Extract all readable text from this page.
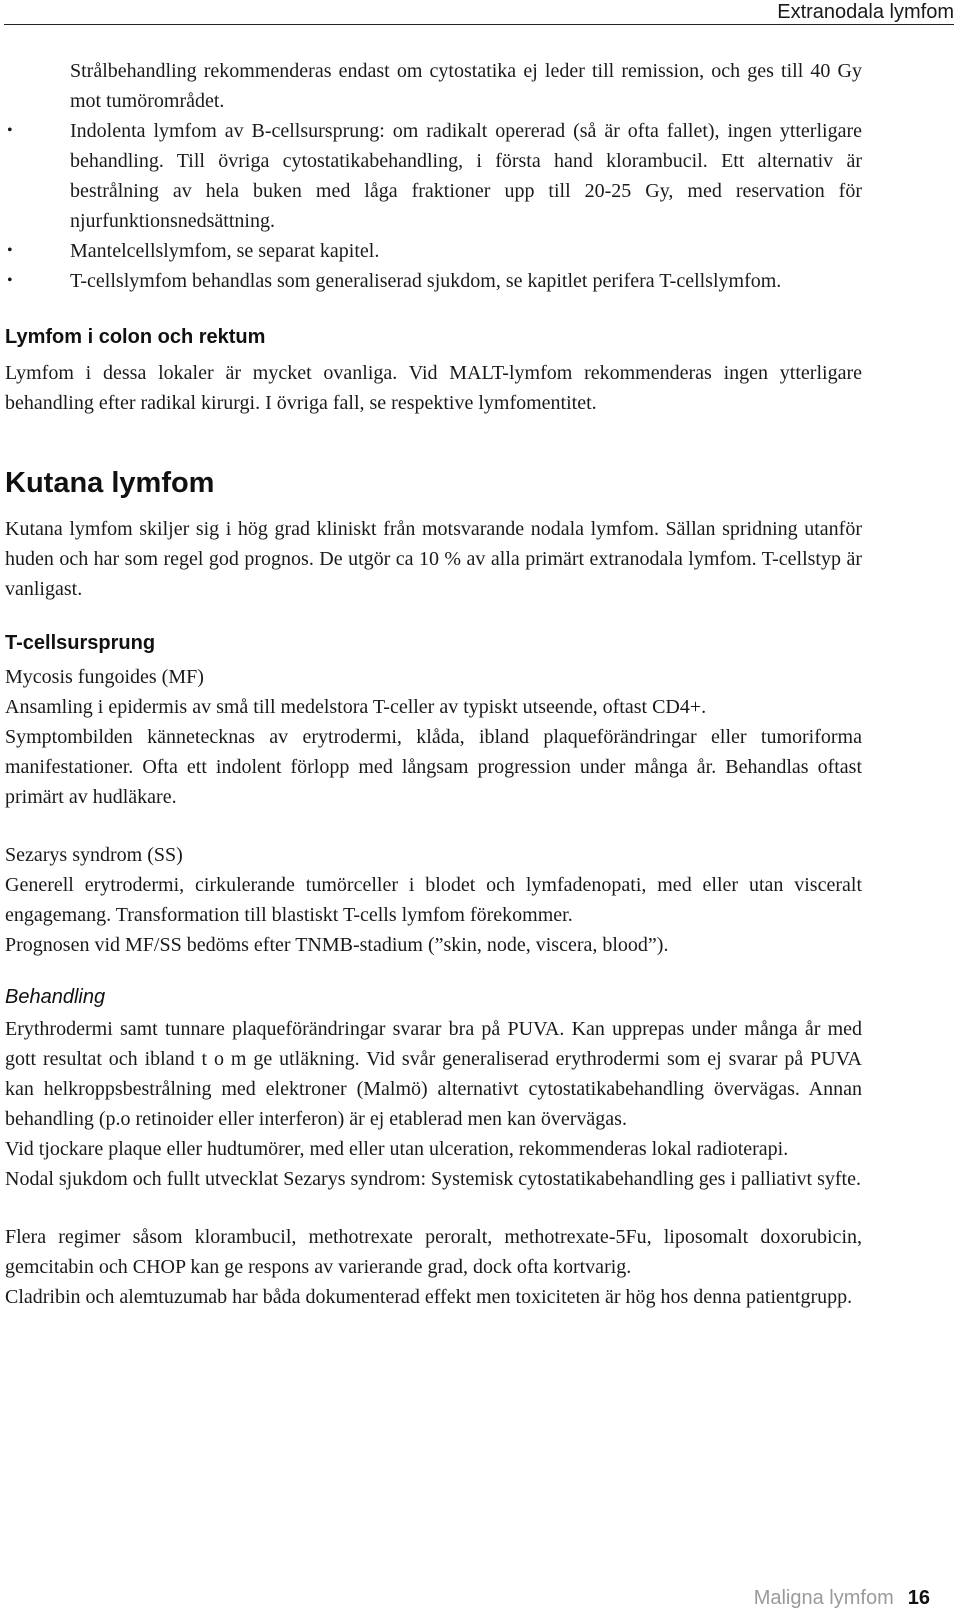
Extranodala lymfom

Strålbehandling rekommenderas endast om cytostatika ej leder till remission, och ges till 40 Gy mot tumörområdet.

• Indolenta lymfom av B-cellsursprung: om radikalt opererad (så är ofta fallet), ingen ytterligare behandling. Till övriga cytostatikabehandling, i första hand klorambucil. Ett alternativ är bestrålning av hela buken med låga fraktioner upp till 20-25 Gy, med reservation för njurfunktionsnedsättning.
• Mantelcellslymfom, se separat kapitel.
• T-cellslymfom behandlas som generaliserad sjukdom, se kapitlet perifera T-cellslymfom.
Lymfom i colon och rektum

Lymfom i dessa lokaler är mycket ovanliga. Vid MALT-lymfom rekommenderas ingen ytterligare behandling efter radikal kirurgi. I övriga fall, se respektive lymfomentitet.

Kutana lymfom

Kutana lymfom skiljer sig i hög grad kliniskt från motsvarande nodala lymfom. Sällan spridning utanför huden och har som regel god prognos. De utgör ca 10 % av alla primärt extranodala lymfom. T-cellstyp är vanligast.

T-cellsursprung

Mycosis fungoides (MF)

Ansamling i epidermis av små till medelstora T-celler av typiskt utseende, oftast CD4+.

Symptombilden kännetecknas av erytrodermi, klåda, ibland plaqueförändringar eller tumoriforma manifestationer. Ofta ett indolent förlopp med långsam progression under många år. Behandlas oftast primärt av hudläkare.

Sezarys syndrom (SS)

Generell erytrodermi, cirkulerande tumörceller i blodet och lymfadenopati, med eller utan visceralt engagemang. Transformation till blastiskt T-cells lymfom förekommer.

Prognosen vid MF/SS bedöms efter TNMB-stadium (”skin, node, viscera, blood”).

Behandling

Erythrodermi samt tunnare plaqueförändringar svarar bra på PUVA. Kan upprepas under många år med gott resultat och ibland t o m ge utläkning. Vid svår generaliserad erythrodermi som ej svarar på PUVA kan helkroppsbestrålning med elektroner (Malmö) alternativt cytostatikabehandling övervägas. Annan behandling (p.o retinoider eller interferon) är ej etablerad men kan övervägas.

Vid tjockare plaque eller hudtumörer, med eller utan ulceration, rekommenderas lokal radioterapi.

Nodal sjukdom och fullt utvecklat Sezarys syndrom: Systemisk cytostatikabehandling ges i palliativt syfte.

Flera regimer såsom klorambucil, methotrexate peroralt, methotrexate-5Fu, liposomalt doxorubicin, gemcitabin och CHOP kan ge respons av varierande grad, dock ofta kortvarig.

Cladribin och alemtuzumab har båda dokumenterad effekt men toxiciteten är hög hos denna patientgrupp.

Maligna lymfom 16
